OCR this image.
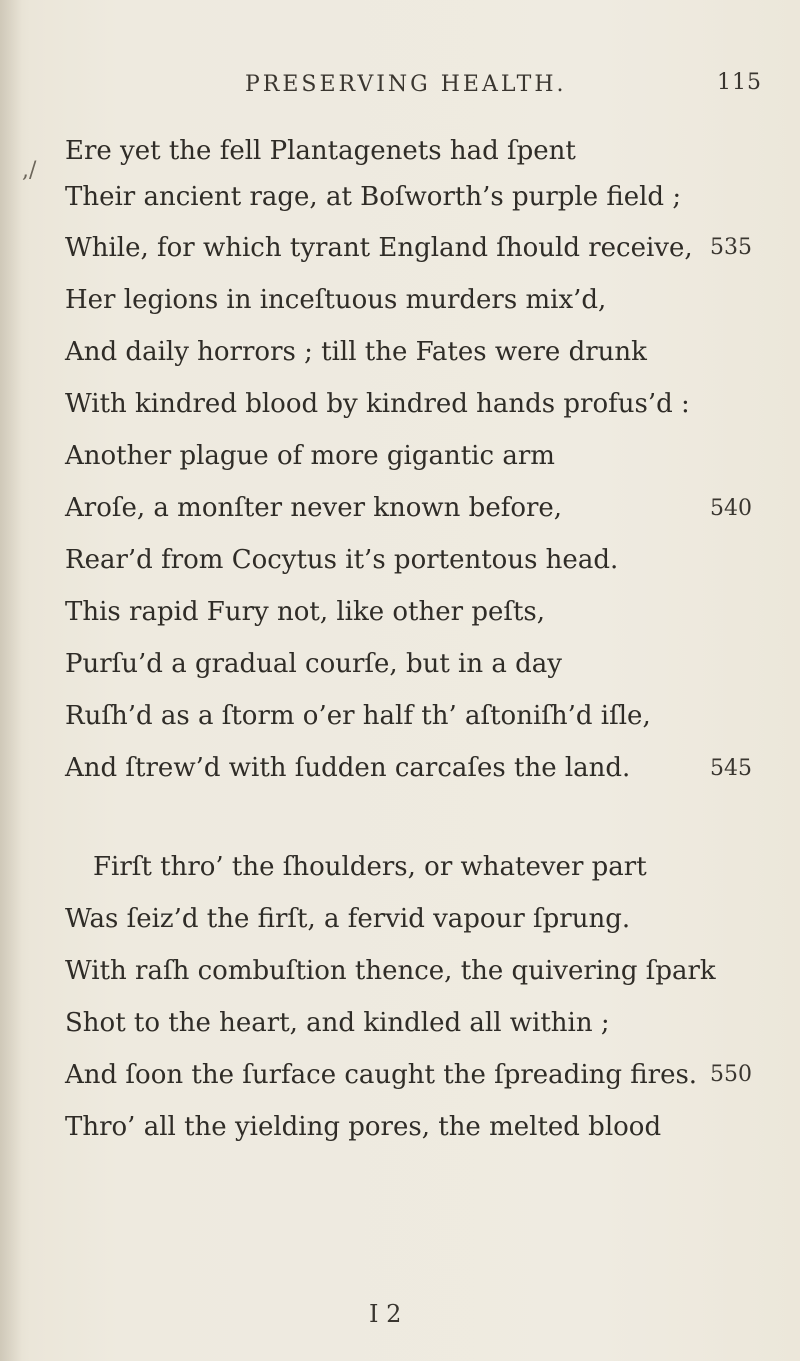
PRESERVING HEALTH.	115
,/
Ere yet the fell Plantagenets had ſpent
Their ancient rage, at Boſworth’s purple field ;
While, for which tyrant England ſhould receive,
Her legions in inceſtuous murders mix’d,
And daily horrors ; till the Fates were drunk
With kindred blood by kindred hands profus’d :
Another plague of more gigantic arm
Aroſe, a monſter never known before,
Rear’d from Cocytus it’s portentous head.
This rapid Fury not, like other peſts,
Purſu’d a gradual courſe, but in a day
Ruſh’d as a ſtorm o’er half th’ aſtoniſh’d iſle,
And ſtrew’d with ſudden carcaſes the land.
Firſt thro’ the ſhoulders, or whatever part
Was ſeiz’d the firſt, a fervid vapour ſprung.
With raſh combuſtion thence, the quivering ſpark
Shot to the heart, and kindled all within ;
And ſoon the ſurface caught the ſpreading fires.
Thro’ all the yielding pores, the melted blood
535
540
545
550
I 2
